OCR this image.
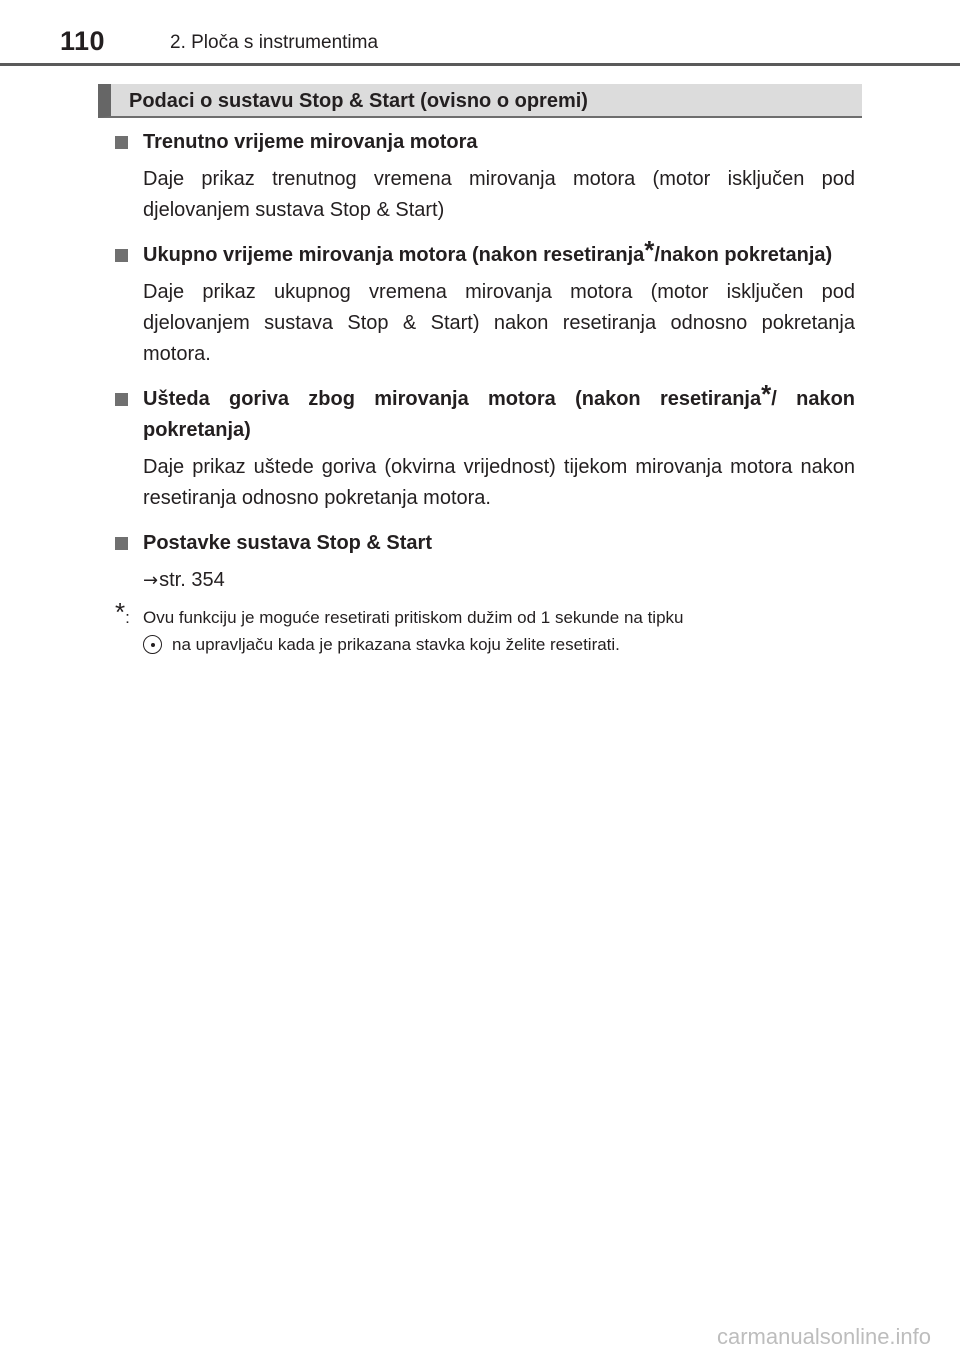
110	2. Ploča s instrumentima
Podaci o sustavu Stop & Start (ovisno o opremi)

Trenutno vrijeme mirovanja motora

Daje prikaz trenutnog vremena mirovanja motora (motor isključen pod djelovanjem sustava Stop & Start)

Ukupno vrijeme mirovanja motora (nakon resetiranja*/nakon pokretanja)

Daje prikaz ukupnog vremena mirovanja motora (motor isključen pod djelovanjem sustava Stop & Start) nakon resetiranja odnosno pokretanja motora.

Ušteda goriva zbog mirovanja motora (nakon resetiranja*/ nakon pokretanja)

Daje prikaz uštede goriva (okvirna vrijednost) tijekom mirovanja motora nakon resetiranja odnosno pokretanja motora.

Postavke sustava Stop & Start

→str. 354

*: Ovu funkciju je moguće resetirati pritiskom dužim od 1 sekunde na tipku
na upravljaču kada je prikazana stavka koju želite resetirati.
carmanualsonline.info
